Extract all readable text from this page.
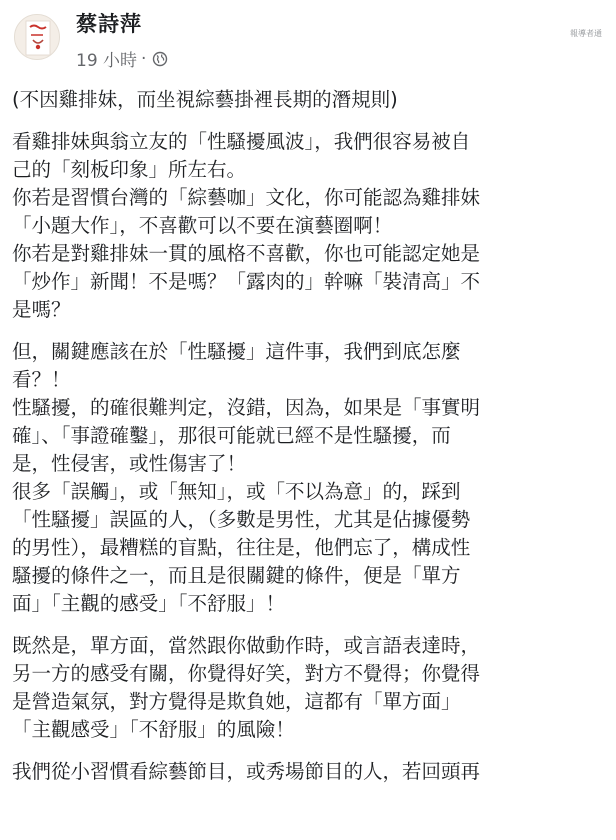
蔡詩萍
19 小時 ·
報導者通

(不因雞排妹，而坐視綜藝掛裡長期的潛規則)

看雞排妹與翁立友的「性騷擾風波」，我們很容易被自
己的「刻板印象」所左右。
你若是習慣台灣的「綜藝咖」文化，你可能認為雞排妹
「小題大作」，不喜歡可以不要在演藝圈啊！
你若是對雞排妹一貫的風格不喜歡，你也可能認定她是
「炒作」新聞！不是嗎？「露肉的」幹嘛「裝清高」不
是嗎？

但，關鍵應該在於「性騷擾」這件事，我們到底怎麼
看？！
性騷擾，的確很難判定，沒錯，因為，如果是「事實明
確」、「事證確鑿」，那很可能就已經不是性騷擾，而
是，性侵害，或性傷害了！
很多「誤觸」，或「無知」，或「不以為意」的，踩到
「性騷擾」誤區的人，（多數是男性，尤其是佔據優勢
的男性），最糟糕的盲點，往往是，他們忘了，構成性
騷擾的條件之一，而且是很關鍵的條件，便是「單方
面」「主觀的感受」「不舒服」！

既然是，單方面，當然跟你做動作時，或言語表達時，
另一方的感受有關，你覺得好笑，對方不覺得；你覺得
是營造氣氛，對方覺得是欺負她，這都有「單方面」
「主觀感受」「不舒服」的風險！

我們從小習慣看綜藝節目，或秀場節目的人，若回頭再
